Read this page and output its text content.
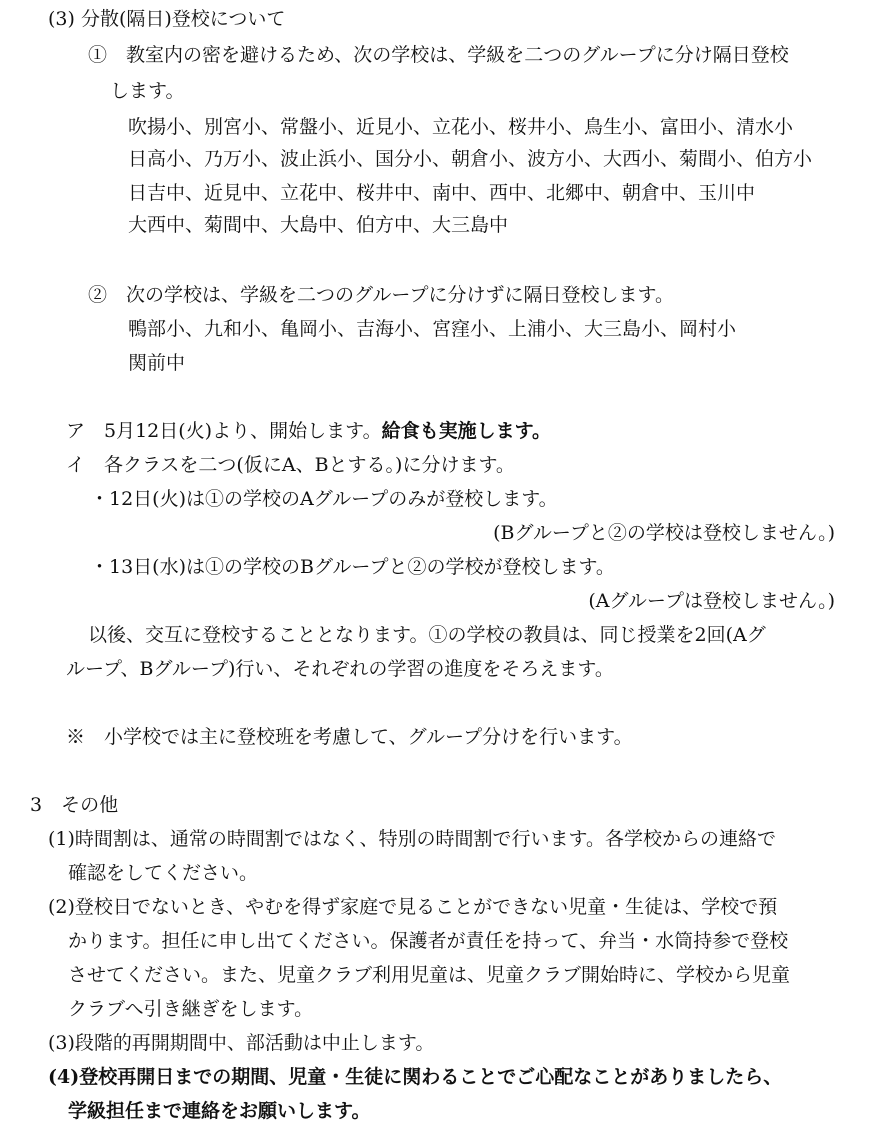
(3) 分散(隔日)登校について
①　教室内の密を避けるため、次の学校は、学級を二つのグループに分け隔日登校
します。
吹揚小、別宮小、常盤小、近見小、立花小、桜井小、鳥生小、富田小、清水小
日高小、乃万小、波止浜小、国分小、朝倉小、波方小、大西小、菊間小、伯方小
日吉中、近見中、立花中、桜井中、南中、西中、北郷中、朝倉中、玉川中
大西中、菊間中、大島中、伯方中、大三島中
②　次の学校は、学級を二つのグループに分けずに隔日登校します。
鴨部小、九和小、亀岡小、吉海小、宮窪小、上浦小、大三島小、岡村小
関前中
ア　5月12日(火)より、開始します。給食も実施します。
イ　各クラスを二つ(仮にA、Bとする。)に分けます。
・12日(火)は①の学校のAグループのみが登校します。
(Bグループと②の学校は登校しません。)
・13日(水)は①の学校のBグループと②の学校が登校します。
(Aグループは登校しません。)
以後、交互に登校することとなります。①の学校の教員は、同じ授業を2回(Aグ
ループ、Bグループ)行い、それぞれの学習の進度をそろえます。
※　小学校では主に登校班を考慮して、グループ分けを行います。
3　その他
(1)時間割は、通常の時間割ではなく、特別の時間割で行います。各学校からの連絡で
確認をしてください。
(2)登校日でないとき、やむを得ず家庭で見ることができない児童・生徒は、学校で預
かります。担任に申し出てください。保護者が責任を持って、弁当・水筒持参で登校
させてください。また、児童クラブ利用児童は、児童クラブ開始時に、学校から児童
クラブへ引き継ぎをします。
(3)段階的再開期間中、部活動は中止します。
(4)登校再開日までの期間、児童・生徒に関わることでご心配なことがありましたら、
学級担任まで連絡をお願いします。
